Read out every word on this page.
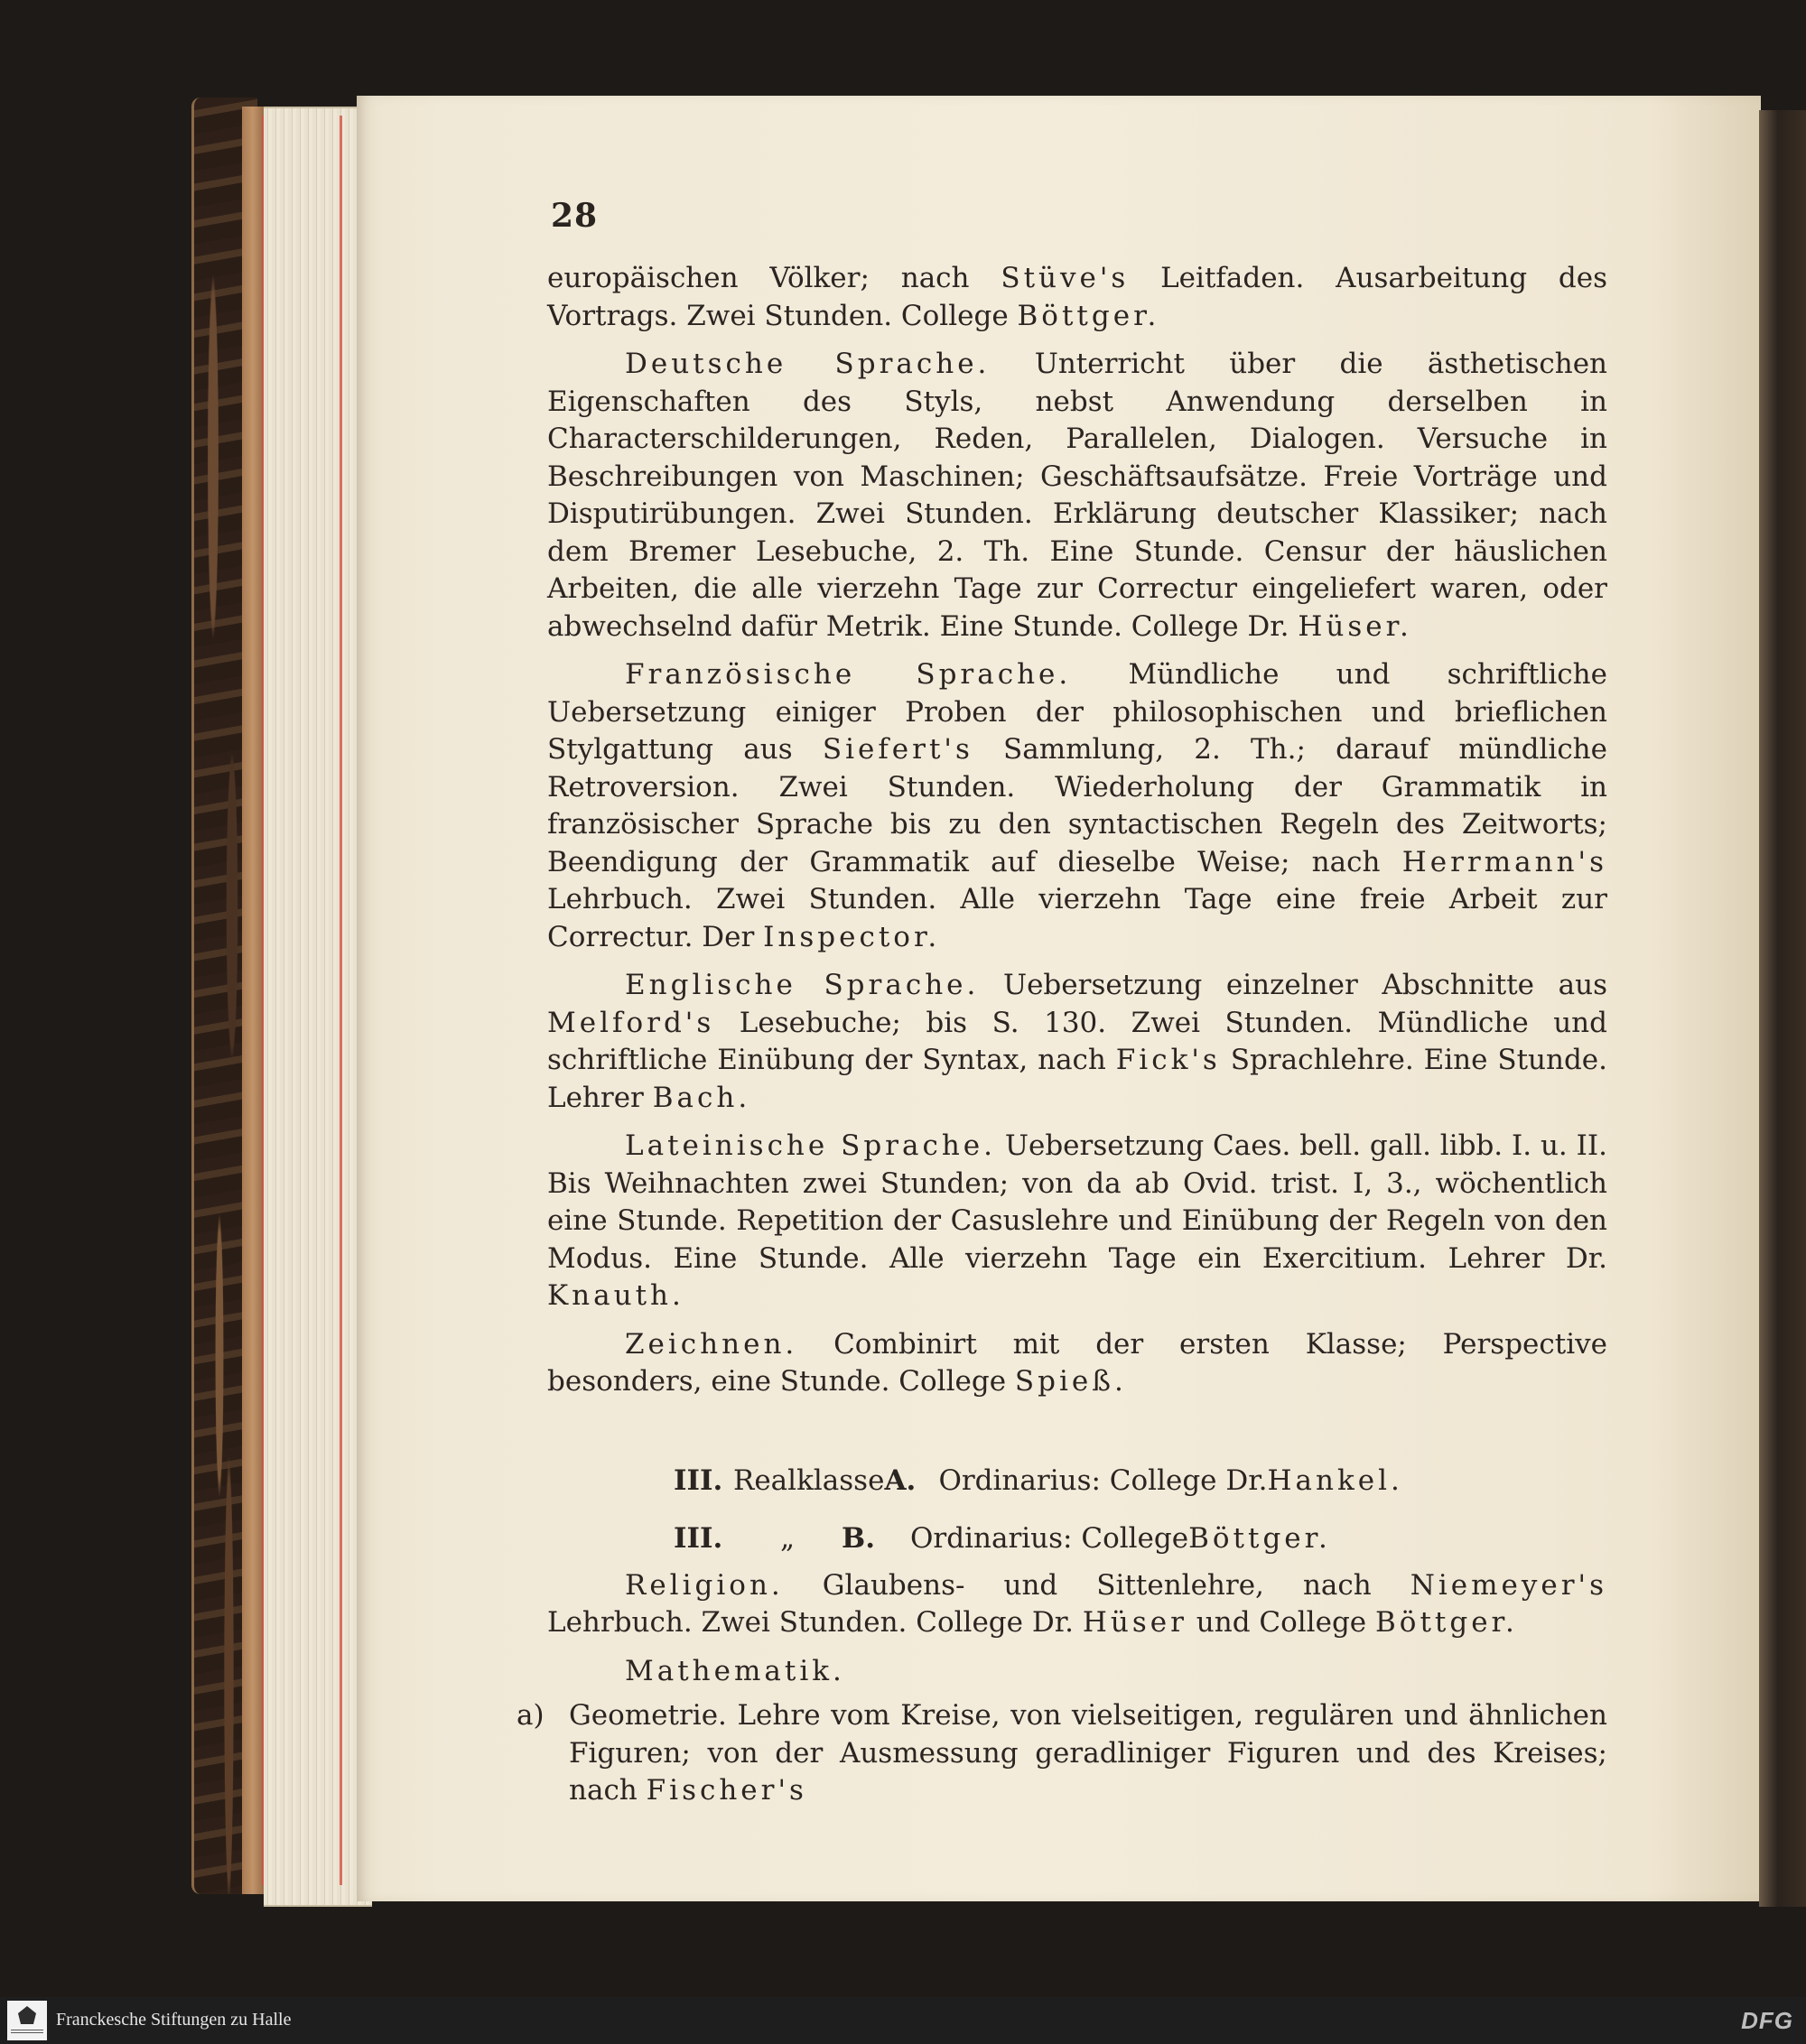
28

europäischen Völker; nach Stüve's Leitfaden. Ausarbeitung des Vortrags. Zwei Stunden. College Böttger.

Deutsche Sprache. Unterricht über die ästhetischen Eigenschaften des Styls, nebst Anwendung derselben in Characterschilderungen, Reden, Parallelen, Dialogen. Versuche in Beschreibungen von Maschinen; Geschäftsaufsätze. Freie Vorträge und Disputirübungen. Zwei Stunden. Erklärung deutscher Klassiker; nach dem Bremer Lesebuche, 2. Th. Eine Stunde. Censur der häuslichen Arbeiten, die alle vierzehn Tage zur Correctur eingeliefert waren, oder abwechselnd dafür Metrik. Eine Stunde. College Dr. Hüser.

Französische Sprache. Mündliche und schriftliche Uebersetzung einiger Proben der philosophischen und brieflichen Stylgattung aus Siefert's Sammlung, 2. Th.; darauf mündliche Retroversion. Zwei Stunden. Wiederholung der Grammatik in französischer Sprache bis zu den syntactischen Regeln des Zeitworts; Beendigung der Grammatik auf dieselbe Weise; nach Herrmann's Lehrbuch. Zwei Stunden. Alle vierzehn Tage eine freie Arbeit zur Correctur. Der Inspector.

Englische Sprache. Uebersetzung einzelner Abschnitte aus Melford's Lesebuche; bis S. 130. Zwei Stunden. Mündliche und schriftliche Einübung der Syntax, nach Fick's Sprachlehre. Eine Stunde. Lehrer Bach.

Lateinische Sprache. Uebersetzung Caes. bell. gall. libb. I. u. II. Bis Weihnachten zwei Stunden; von da ab Ovid. trist. I, 3., wöchentlich eine Stunde. Repetition der Casuslehre und Einübung der Regeln von den Modus. Eine Stunde. Alle vierzehn Tage ein Exercitium. Lehrer Dr. Knauth.

Zeichnen. Combinirt mit der ersten Klasse; Perspective besonders, eine Stunde. College Spieß.

III. RealklasseA. Ordinarius: College Dr.Hankel.

III. „ B. Ordinarius: CollegeBöttger.

Religion. Glaubens- und Sittenlehre, nach Niemeyer's Lehrbuch. Zwei Stunden. College Dr. Hüser und College Böttger.

Mathematik.

a) Geometrie. Lehre vom Kreise, von vielseitigen, regulären und ähnlichen Figuren; von der Ausmessung geradliniger Figuren und des Kreises; nach Fischer's
Franckesche Stiftungen zu Halle	DFG
